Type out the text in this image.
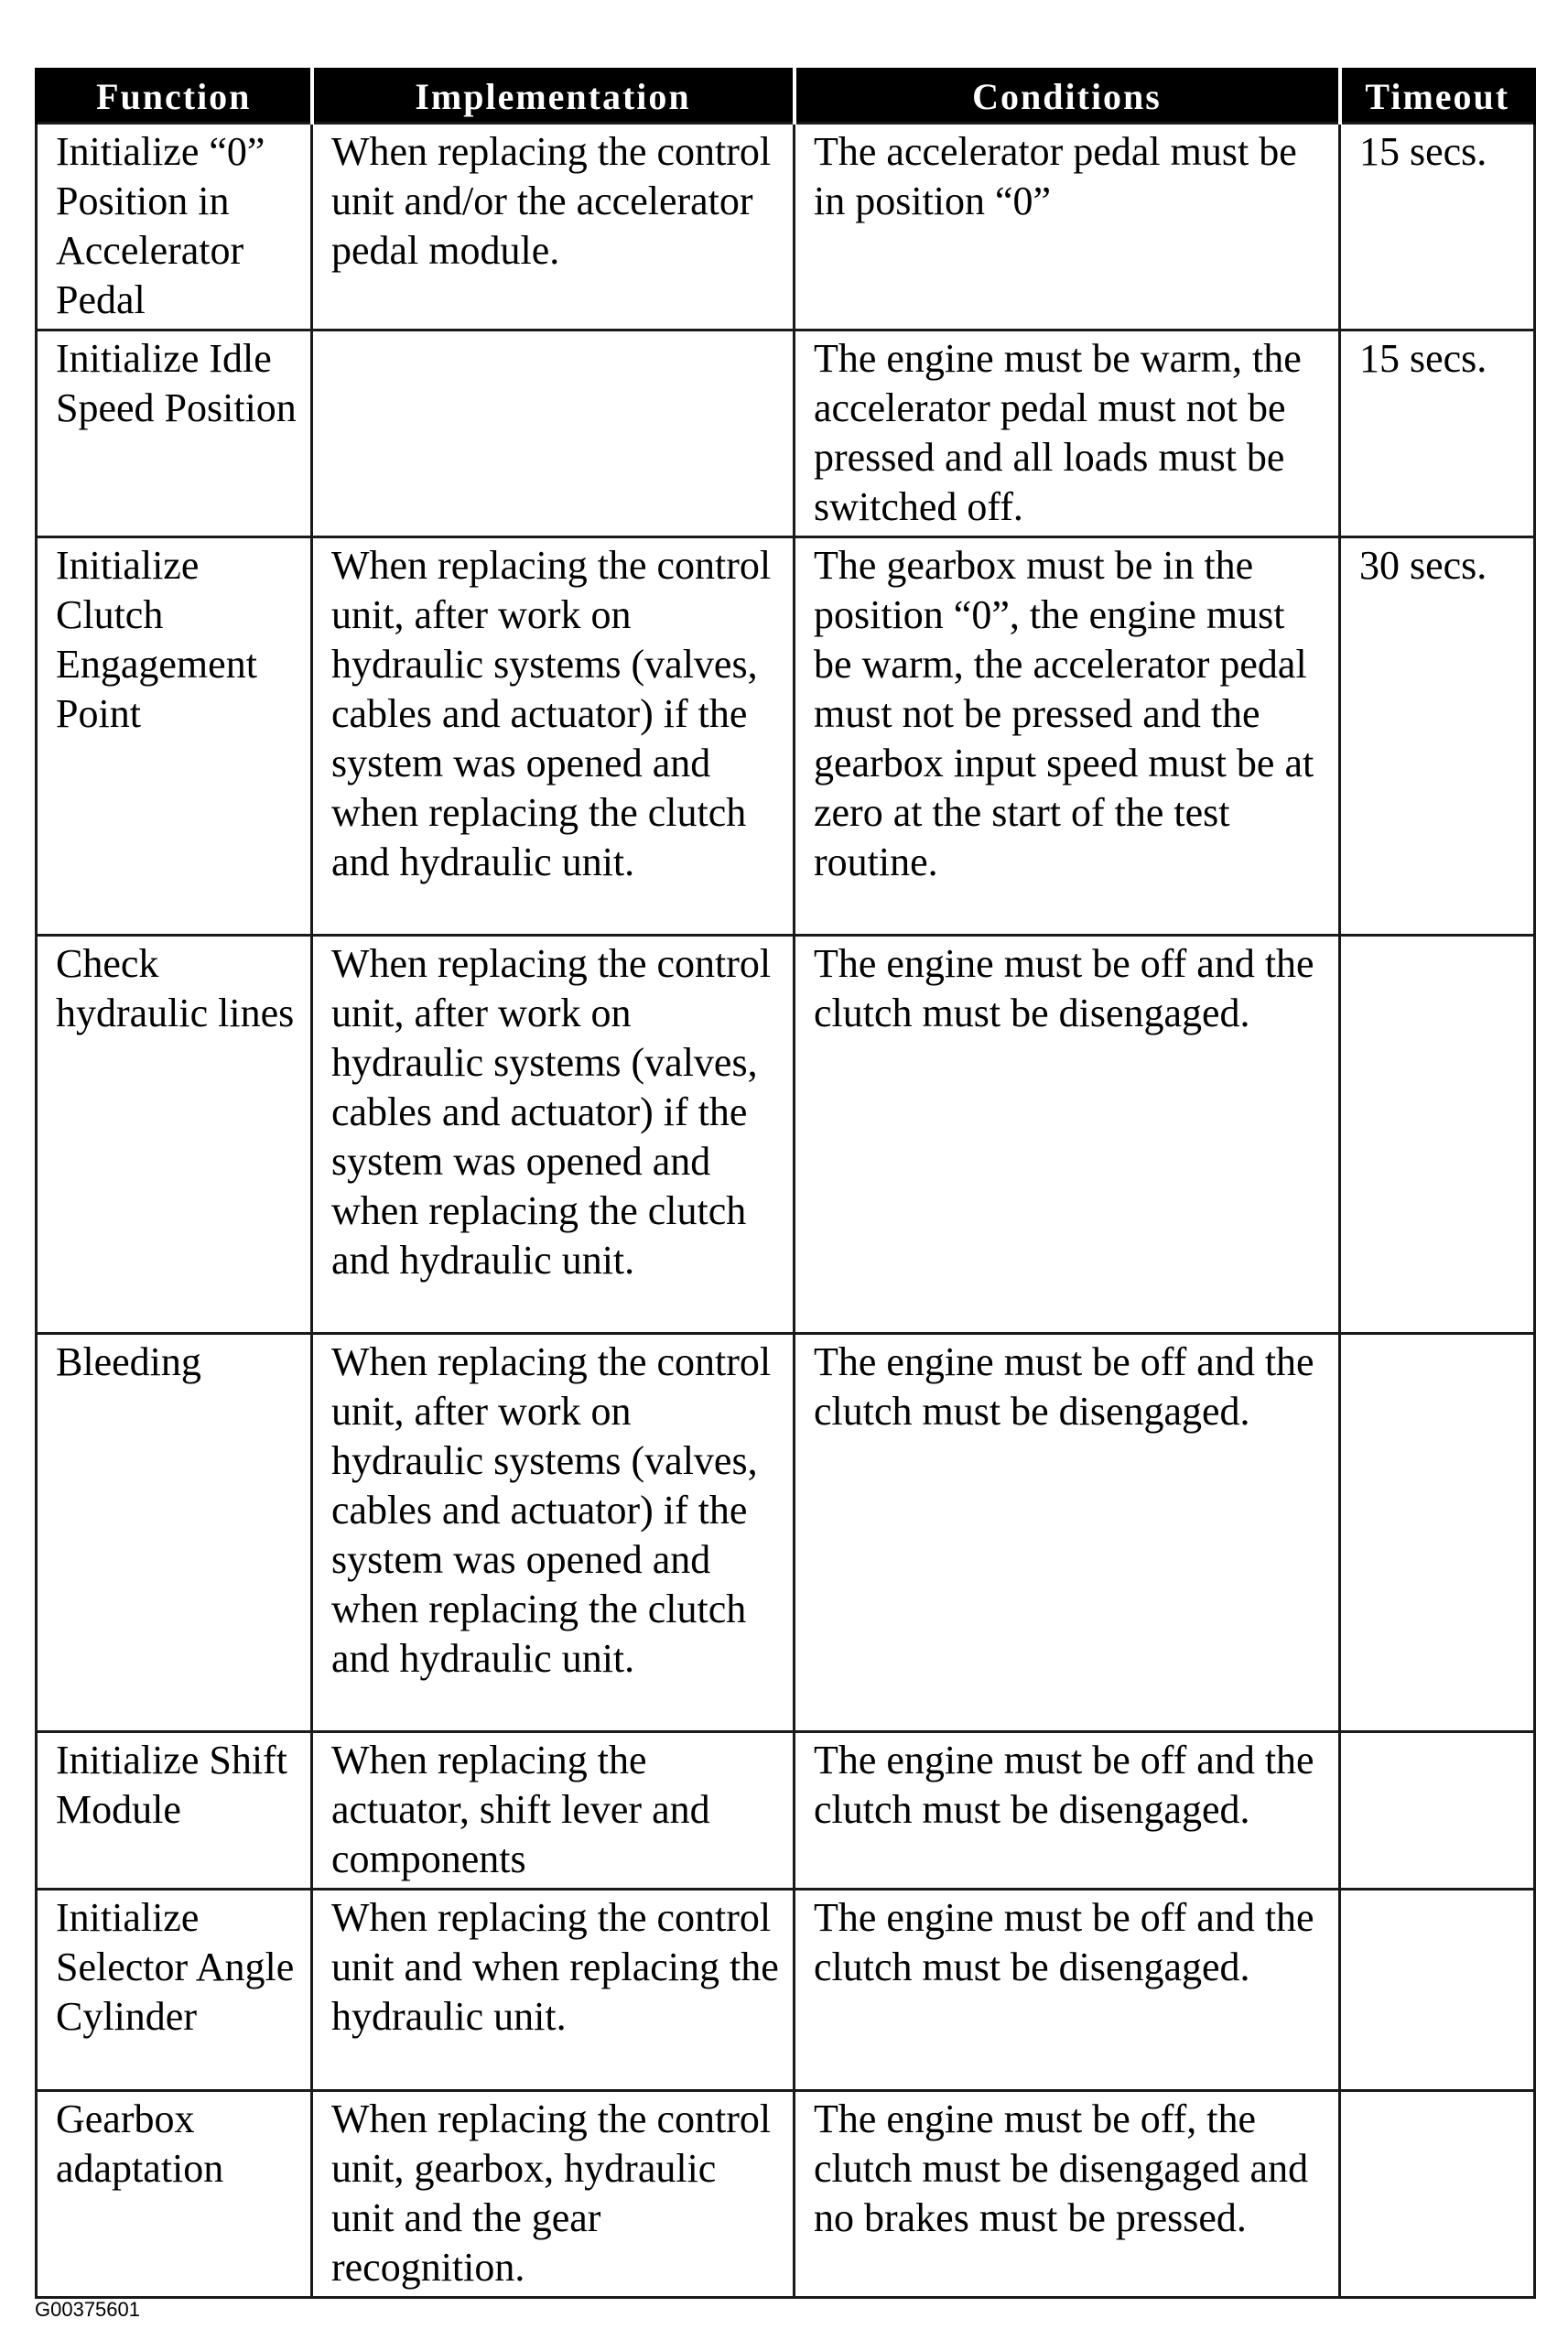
Function	Implementation	Conditions	Timeout
Initialize “0” Position in Accelerator Pedal	When replacing the control unit and/or the accelerator pedal module.	The accelerator pedal must be in position “0”	15 secs.
Initialize Idle Speed Position		The engine must be warm, the accelerator pedal must not be pressed and all loads must be switched off.	15 secs.
Initialize Clutch Engagement Point	When replacing the control unit, after work on hydraulic systems (valves, cables and actuator) if the system was opened and when replacing the clutch and hydraulic unit.	The gearbox must be in the position “0”, the engine must be warm, the accelerator pedal must not be pressed and the gearbox input speed must be at zero at the start of the test routine.	30 secs.
Check hydraulic lines	When replacing the control unit, after work on hydraulic systems (valves, cables and actuator) if the system was opened and when replacing the clutch and hydraulic unit.	The engine must be off and the clutch must be disengaged.	
Bleeding	When replacing the control unit, after work on hydraulic systems (valves, cables and actuator) if the system was opened and when replacing the clutch and hydraulic unit.	The engine must be off and the clutch must be disengaged.	
Initialize Shift Module	When replacing the actuator, shift lever and components	The engine must be off and the clutch must be disengaged.	
Initialize Selector Angle Cylinder	When replacing the control unit and when replacing the hydraulic unit.	The engine must be off and the clutch must be disengaged.	
Gearbox adaptation	When replacing the control unit, gearbox, hydraulic unit and the gear recognition.	The engine must be off, the clutch must be disengaged and no brakes must be pressed.	
G00375601
